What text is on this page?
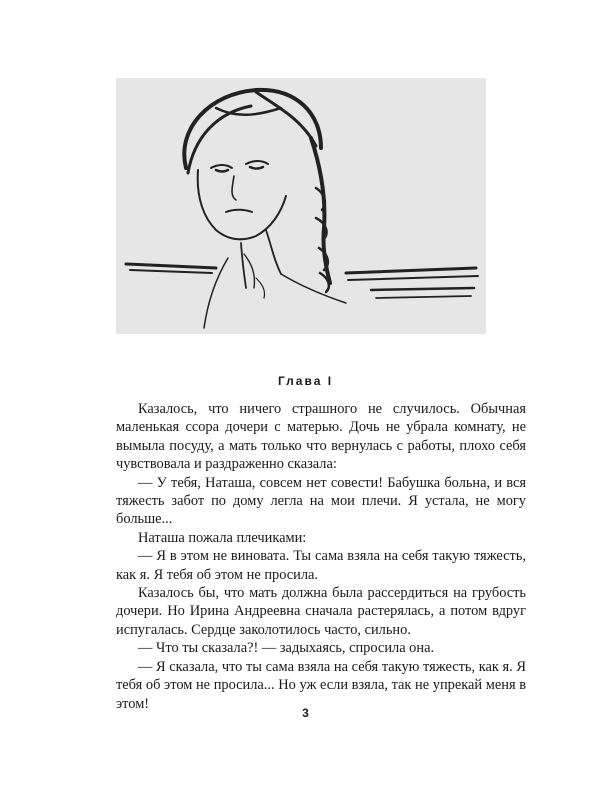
Глава I

Казалось, что ничего страшного не случилось. Обычная маленькая ссора дочери с матерью. Дочь не убрала комнату, не вымыла посуду, а мать только что вернулась с работы, плохо себя чувствовала и раздраженно сказала:

— У тебя, Наташа, совсем нет совести! Бабушка больна, и вся тяжесть забот по дому легла на мои плечи. Я устала, не могу больше...

Наташа пожала плечиками:

— Я в этом не виновата. Ты сама взяла на себя такую тяжесть, как я. Я тебя об этом не просила.

Казалось бы, что мать должна была рассердиться на грубость дочери. Но Ирина Андреевна сначала растерялась, а потом вдруг испугалась. Сердце заколотилось часто, сильно.

— Что ты сказала?! — задыхаясь, спросила она.

— Я сказала, что ты сама взяла на себя такую тяжесть, как я. Я тебя об этом не просила... Но уж если взяла, так не упрекай меня в этом!

3
